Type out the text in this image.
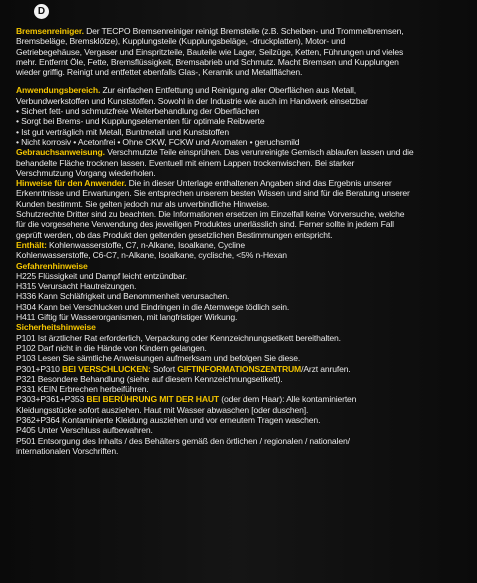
D
Bremsenreiniger. Der TECPO Bremsenreiniger reinigt Bremsteile (z.B. Scheiben- und Trommelbremsen,
Bremsbeläge, Bremsklötze), Kupplungsteile (Kupplungsbeläge, -druckplatten), Motor- und
Getriebegehäuse, Vergaser und Einspritzteile, Bauteile wie Lager, Seilzüge, Ketten, Führungen und vieles
mehr. Entfernt Öle, Fette, Bremsflüssigkeit, Bremsabrieb und Schmutz. Macht Bremsen und Kupplungen
wieder griffig. Reinigt und entfettet ebenfalls Glas-, Keramik und Metallflächen.
Anwendungsbereich. Zur einfachen Entfettung und Reinigung aller Oberflächen aus Metall,
Verbundwerkstoffen und Kunststoffen. Sowohl in der Industrie wie auch im Handwerk einsetzbar
• Sichert fett- und schmutzfreie Weiterbehandlung der Oberflächen
• Sorgt bei Brems- und Kupplungselementen für optimale Reibwerte
• Ist gut verträglich mit Metall, Buntmetall und Kunststoffen
• Nicht korrosiv • Acetonfrei • Ohne CKW, FCKW und Aromaten • geruchsmild
Gebrauchsanweisung. Verschmutzte Teile einsprühen. Das verunreinigte Gemisch ablaufen lassen und die
behandelte Fläche trocknen lassen. Eventuell mit einem Lappen trockenwischen. Bei starker
Verschmutzung Vorgang wiederholen.
Hinweise für den Anwender. Die in dieser Unterlage enthaltenen Angaben sind das Ergebnis unserer
Erkenntnisse und Erwartungen. Sie entsprechen unserem besten Wissen und sind für die Beratung unserer
Kunden bestimmt. Sie gelten jedoch nur als unverbindliche Hinweise.
Schutzrechte Dritter sind zu beachten. Die Informationen ersetzen im Einzelfall keine Vorversuche, welche
für die vorgesehene Verwendung des jeweiligen Produktes unerlässlich sind. Ferner sollte in jedem Fall
geprüft werden, ob das Produkt den geltenden gesetzlichen Bestimmungen entspricht.
Enthält: Kohlenwasserstoffe, C7, n-Alkane, Isoalkane, Cycline
Kohlenwasserstoffe, C6-C7, n-Alkane, Isoalkane, cyclische, <5% n-Hexan
Gefahrenhinweise
H225 Flüssigkeit und Dampf leicht entzündbar.
H315 Verursacht Hautreizungen.
H336 Kann Schläfrigkeit und Benommenheit verursachen.
H304 Kann bei Verschlucken und Eindringen in die Atemwege tödlich sein.
H411 Giftig für Wasserorganismen, mit langfristiger Wirkung.
Sicherheitshinweise
P101 Ist ärztlicher Rat erforderlich, Verpackung oder Kennzeichnungsetikett bereithalten.
P102 Darf nicht in die Hände von Kindern gelangen.
P103 Lesen Sie sämtliche Anweisungen aufmerksam und befolgen Sie diese.
P301+P310 BEI VERSCHLUCKEN: Sofort GIFTINFORMATIONSZENTRUM/Arzt anrufen.
P321 Besondere Behandlung (siehe auf diesem Kennzeichnungsetikett).
P331 KEIN Erbrechen herbeiführen.
P303+P361+P353 BEI BERÜHRUNG MIT DER HAUT (oder dem Haar): Alle kontaminierten
Kleidungsstücke sofort ausziehen. Haut mit Wasser abwaschen [oder duschen].
P362+P364 Kontaminierte Kleidung ausziehen und vor erneutem Tragen waschen.
P405 Unter Verschluss aufbewahren.
P501 Entsorgung des Inhalts / des Behälters gemäß den örtlichen / regionalen / nationalen/
internationalen Vorschriften.
